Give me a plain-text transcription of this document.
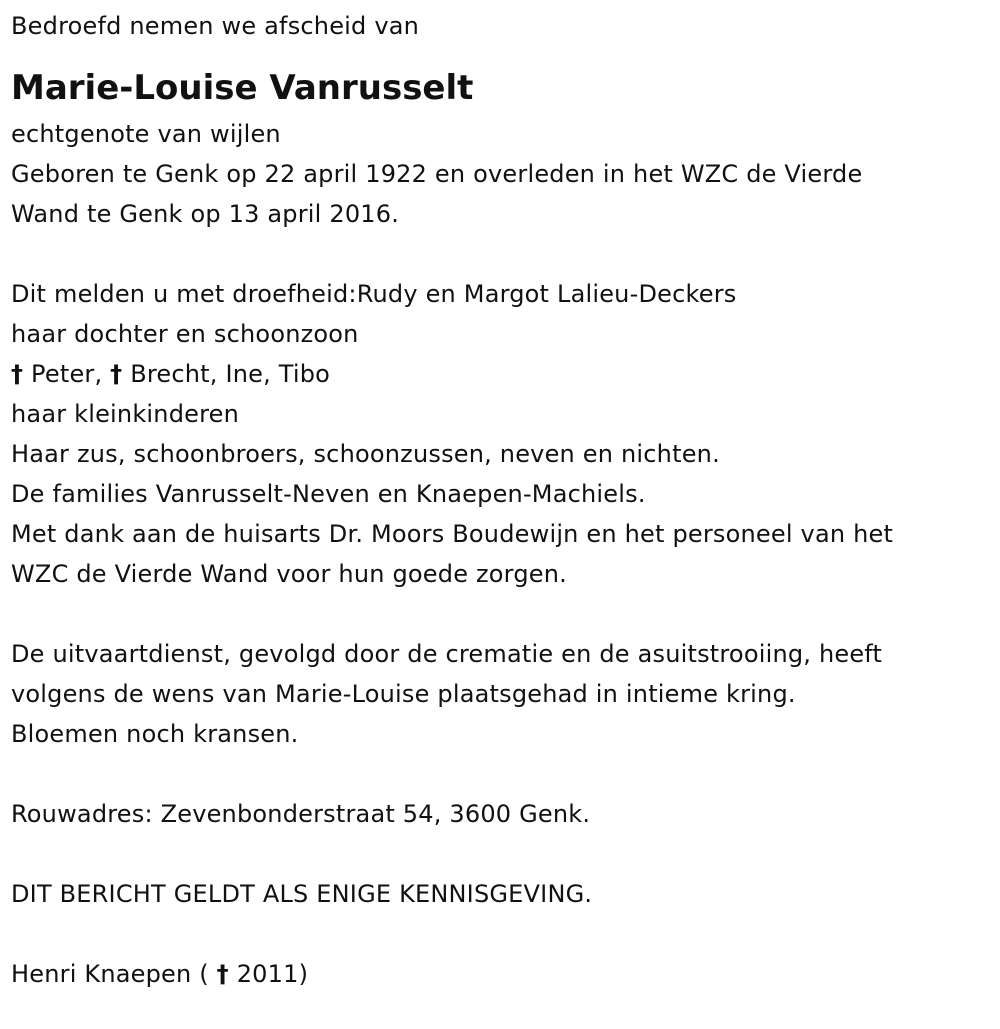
Bedroefd nemen we afscheid van
Marie-Louise Vanrusselt
echtgenote van wijlen
Geboren te Genk op 22 april 1922 en overleden in het WZC de Vierde
Wand te Genk op 13 april 2016.
Dit melden u met droefheid:Rudy en Margot Lalieu-Deckers
haar dochter en schoonzoon
† Peter, † Brecht, Ine, Tibo
haar kleinkinderen
Haar zus, schoonbroers, schoonzussen, neven en nichten.
De families Vanrusselt-Neven en Knaepen-Machiels.
Met dank aan de huisarts Dr. Moors Boudewijn en het personeel van het
WZC de Vierde Wand voor hun goede zorgen.
De uitvaartdienst, gevolgd door de crematie en de asuitstrooiing, heeft
volgens de wens van Marie-Louise plaatsgehad in intieme kring.
Bloemen noch kransen.
Rouwadres: Zevenbonderstraat 54, 3600 Genk.
DIT BERICHT GELDT ALS ENIGE KENNISGEVING.
Henri Knaepen ( † 2011)
